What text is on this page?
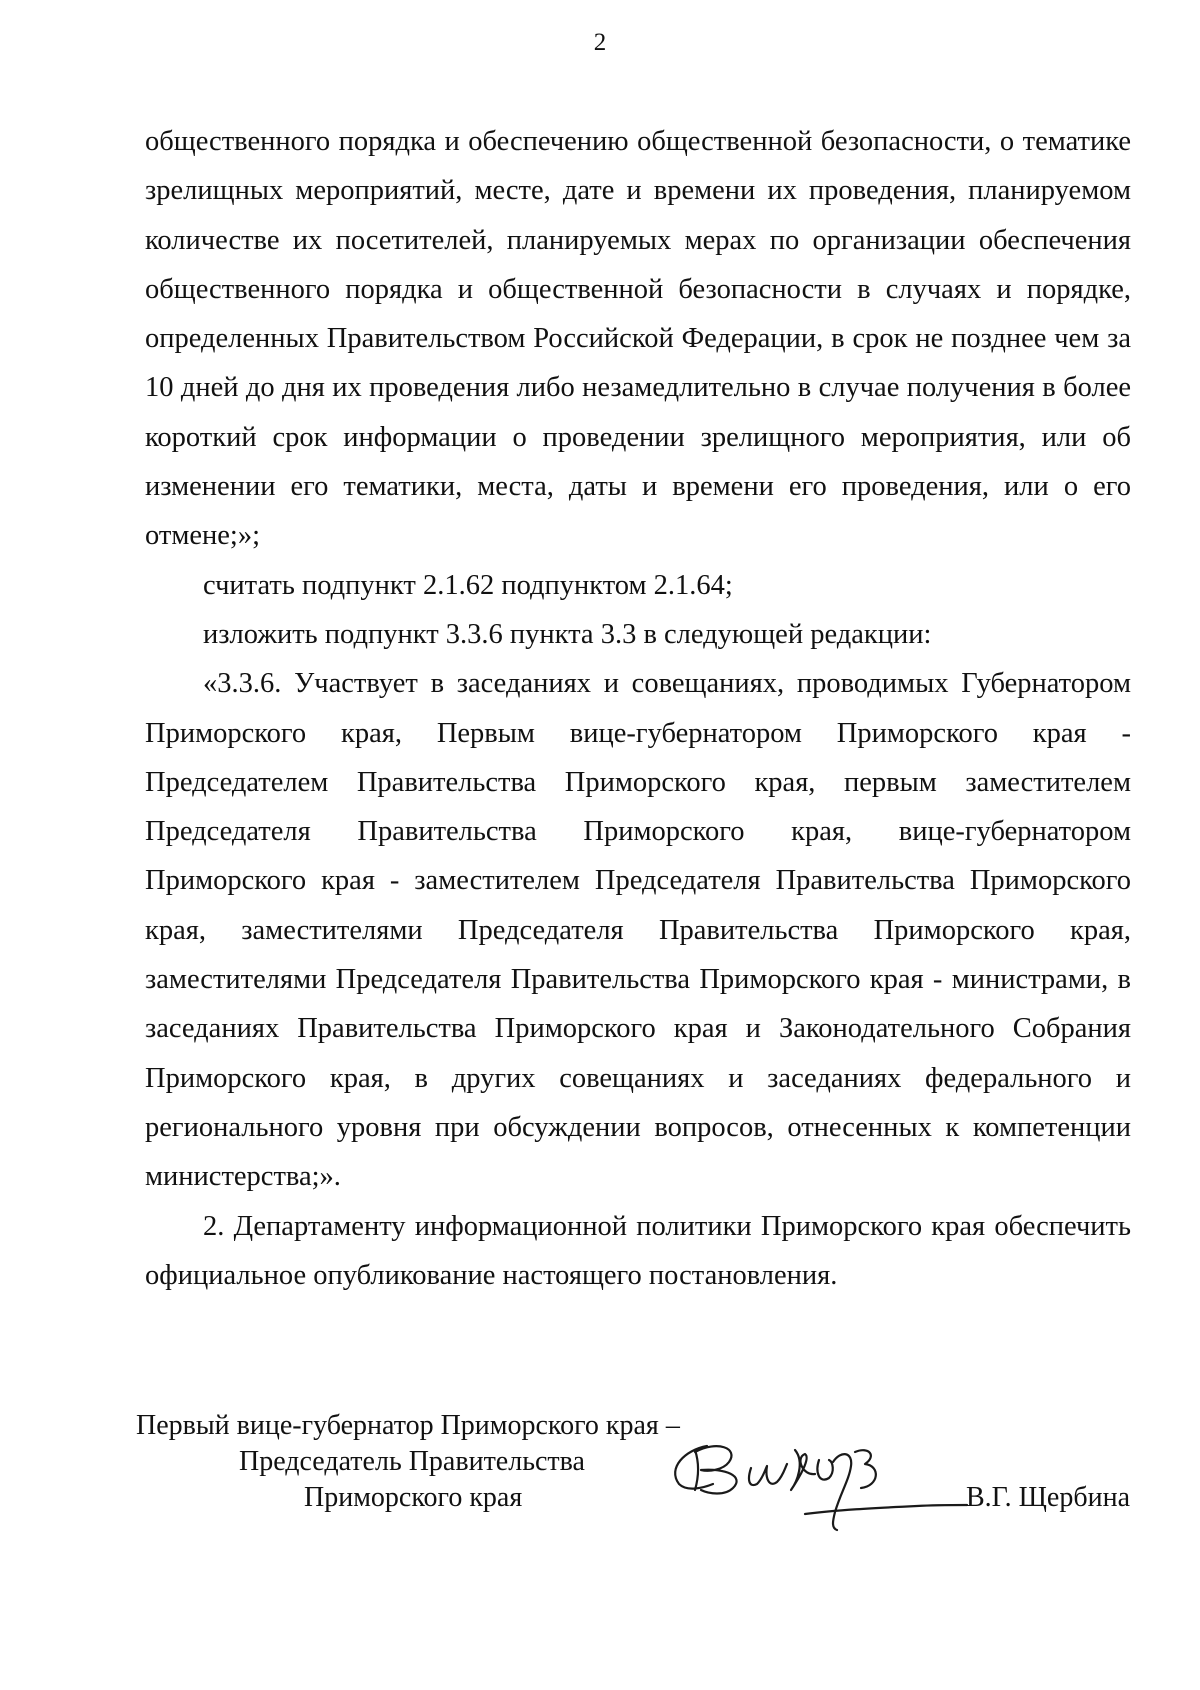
2

общественного порядка и обеспечению общественной безопасности, о тематике зрелищных мероприятий, месте, дате и времени их проведения, планируемом количестве их посетителей, планируемых мерах по организации обеспечения общественного порядка и общественной безопасности в случаях и порядке, определенных Правительством Российской Федерации, в срок не позднее чем за 10 дней до дня их проведения либо незамедлительно в случае получения в более короткий срок информации о проведении зрелищного мероприятия, или об изменении его тематики, места, даты и времени его проведения, или о его отмене;»;

считать подпункт 2.1.62 подпунктом 2.1.64;

изложить подпункт 3.3.6 пункта 3.3 в следующей редакции:

«3.3.6. Участвует в заседаниях и совещаниях, проводимых Губернатором Приморского края, Первым вице-губернатором Приморского края - Председателем Правительства Приморского края, первым заместителем Председателя Правительства Приморского края, вице-губернатором Приморского края - заместителем Председателя Правительства Приморского края, заместителями Председателя Правительства Приморского края, заместителями Председателя Правительства Приморского края - министрами, в заседаниях Правительства Приморского края и Законодательного Собрания Приморского края, в других совещаниях и заседаниях федерального и регионального уровня при обсуждении вопросов, отнесенных к компетенции министерства;».

2. Департаменту информационной политики Приморского края обеспечить официальное опубликование настоящего постановления.

Первый вице-губернатор Приморского края –
Председатель Правительства
Приморского края	В.Г. Щербина
